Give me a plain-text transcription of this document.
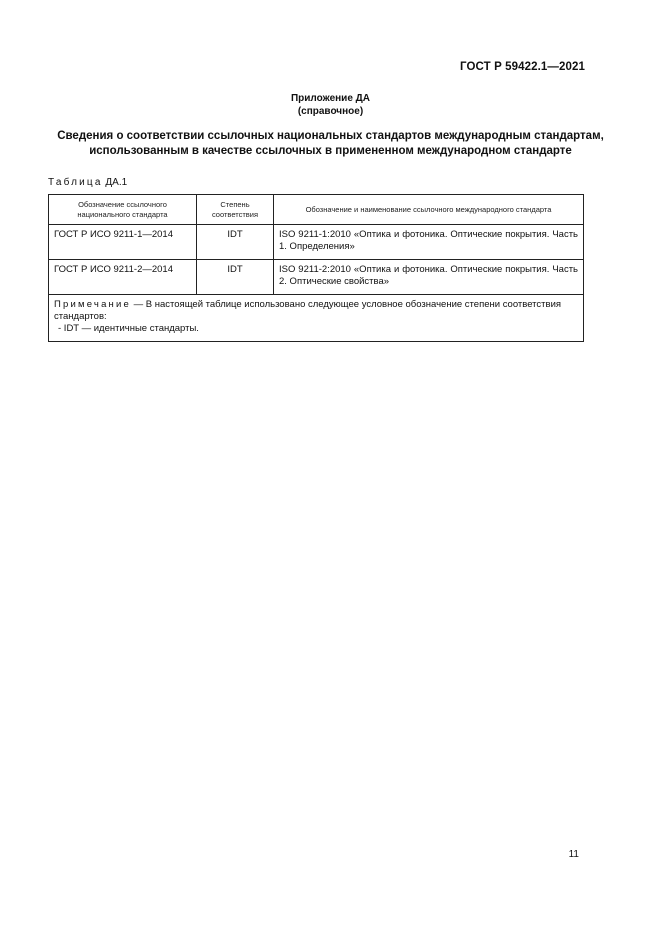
ГОСТ Р 59422.1—2021
Приложение ДА
(справочное)
Сведения о соответствии ссылочных национальных стандартов международным стандартам,
использованным в качестве ссылочных в примененном международном стандарте
Таблица ДА.1
Обозначение ссылочного национального стандарта	Степень соответствия	Обозначение и наименование ссылочного международного стандарта
ГОСТ Р ИСО 9211-1—2014	IDT	ISO 9211-1:2010 «Оптика и фотоника. Оптические покрытия. Часть 1. Определения»
ГОСТ Р ИСО 9211-2—2014	IDT	ISO 9211-2:2010 «Оптика и фотоника. Оптические покрытия. Часть 2. Оптические свойства»
Примечание — В настоящей таблице использовано следующее условное обозначение степени соответствия стандартов:
- IDT — идентичные стандарты.		
11
